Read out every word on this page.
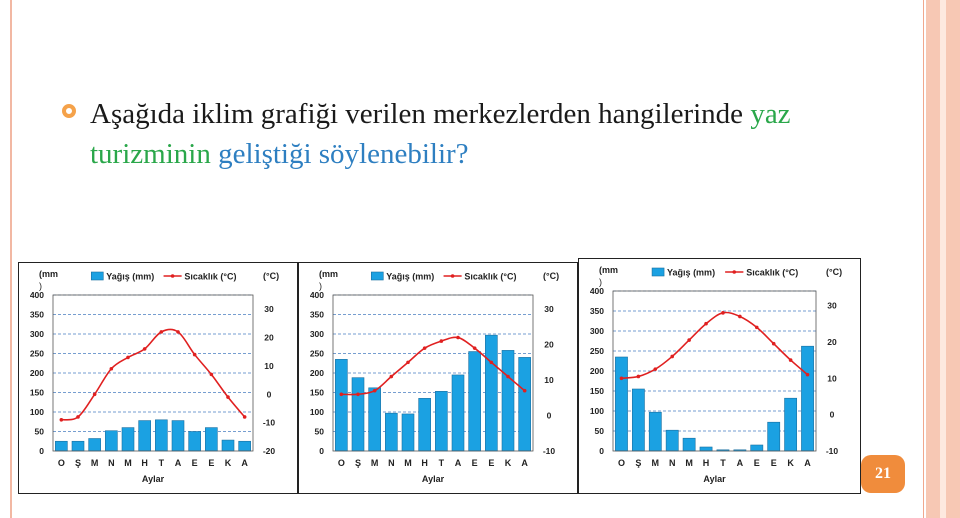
Aşağıda iklim grafiği verilen merkezlerden hangilerinde yaz turizminin geliştiği söylenebilir?
Yağış (mm)	Sıcaklık (°C)
(mm
)
(°C)
400
350
300
250
200
150
100
50
0
30
20
10
0
-10
-20
O Ş M N M H T A E E K A
Aylar
Yağış (mm)	Sıcaklık (°C)
(mm
)
(°C)
400
350
300
250
200
150
100
50
0
30
20
10
0
-10
O Ş M N M H T A E E K A
Aylar
Yağış (mm)	Sıcaklık (°C)
(mm
)
(°C)
400
350
300
250
200
150
100
50
0
30
20
10
0
-10
O Ş M N M H T A E E K A
Aylar	21
